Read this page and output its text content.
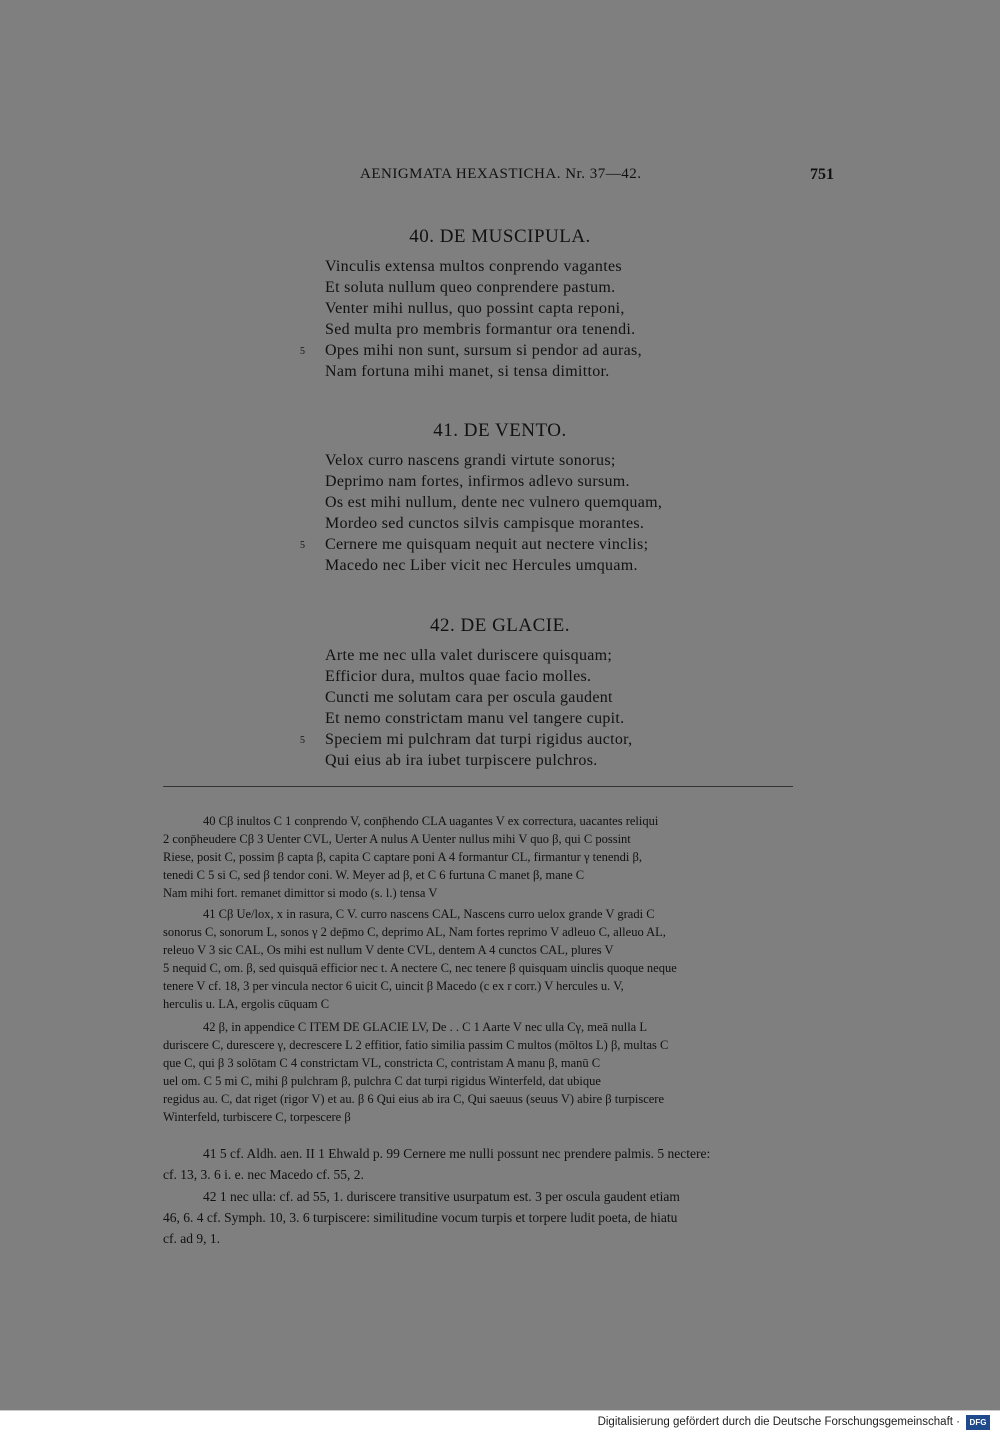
AENIGMATA HEXASTICHA. Nr. 37—42.	751
40. DE MUSCIPULA.
Vinculis extensa multos conprendo vagantes
Et soluta nullum queo conprendere pastum.
Venter mihi nullus, quo possint capta reponi,
Sed multa pro membris formantur ora tenendi.
5 Opes mihi non sunt, sursum si pendor ad auras,
Nam fortuna mihi manet, si tensa dimittor.
41. DE VENTO.
Velox curro nascens grandi virtute sonorus;
Deprimo nam fortes, infirmos adlevo sursum.
Os est mihi nullum, dente nec vulnero quemquam,
Mordeo sed cunctos silvis campisque morantes.
5 Cernere me quisquam nequit aut nectere vinclis;
Macedo nec Liber vicit nec Hercules umquam.
42. DE GLACIE.
Arte me nec ulla valet duriscere quisquam;
Efficior dura, multos quae facio molles.
Cuncti me solutam cara per oscula gaudent
Et nemo constrictam manu vel tangere cupit.
5 Speciem mi pulchram dat turpi rigidus auctor,
Qui eius ab ira iubet turpiscere pulchros.

40 Cβ inultos C 1 conprendo V, conp̄hendo CLA uagantes V ex correctura, uacantes reliqui

2 conp̄heudere Cβ 3 Uenter CVL, Uerter A nulus A Uenter nullus mihi V quo β, qui C possint

Riese, posit C, possim β capta β, capita C captare poni A 4 formantur CL, firmantur γ tenendi β,

tenedi C 5 si C, sed β tendor coni. W. Meyer ad β, et C 6 furtuna C manet β, mane C

Nam mihi fort. remanet dimittor si modo (s. l.) tensa V

41 Cβ Ue/lox, x in rasura, C V. curro nascens CAL, Nascens curro uelox grande V gradi C

sonorus C, sonorum L, sonos γ 2 dep̄mo C, deprimo AL, Nam fortes reprimo V adleuo C, alleuo AL,

releuo V 3 sic CAL, Os mihi est nullum V dente CVL, dentem A 4 cunctos CAL, plures V

5 nequid C, om. β, sed quisquā efficior nec t. A nectere C, nec tenere β quisquam uinclis quoque neque

tenere V cf. 18, 3 per vincula nector 6 uicit C, uincit β Macedo (c ex r corr.) V hercules u. V,

herculis u. LA, ergolis cūquam C

42 β, in appendice C ITEM DE GLACIE LV, De . . C 1 Aarte V nec ulla Cγ, meā nulla L

duriscere C, durescere γ, decrescere L 2 effitior, fatio similia passim C multos (mōltos L) β, multas C

que C, qui β 3 solōtam C 4 constrictam VL, constricta C, contristam A manu β, manū C

uel om. C 5 mi C, mihi β pulchram β, pulchra C dat turpi rigidus Winterfeld, dat ubique

regidus au. C, dat riget (rigor V) et au. β 6 Qui eius ab ira C, Qui saeuus (seuus V) abire β turpiscere

Winterfeld, turbiscere C, torpescere β

41 5 cf. Aldh. aen. II 1 Ehwald p. 99 Cernere me nulli possunt nec prendere palmis. 5 nectere:

cf. 13, 3. 6 i. e. nec Macedo cf. 55, 2.

42 1 nec ulla: cf. ad 55, 1. duriscere transitive usurpatum est. 3 per oscula gaudent etiam

46, 6. 4 cf. Symph. 10, 3. 6 turpiscere: similitudine vocum turpis et torpere ludit poeta, de hiatu

cf. ad 9, 1.

Digitalisierung gefördert durch die Deutsche Forschungsgemeinschaft ·	DFG
